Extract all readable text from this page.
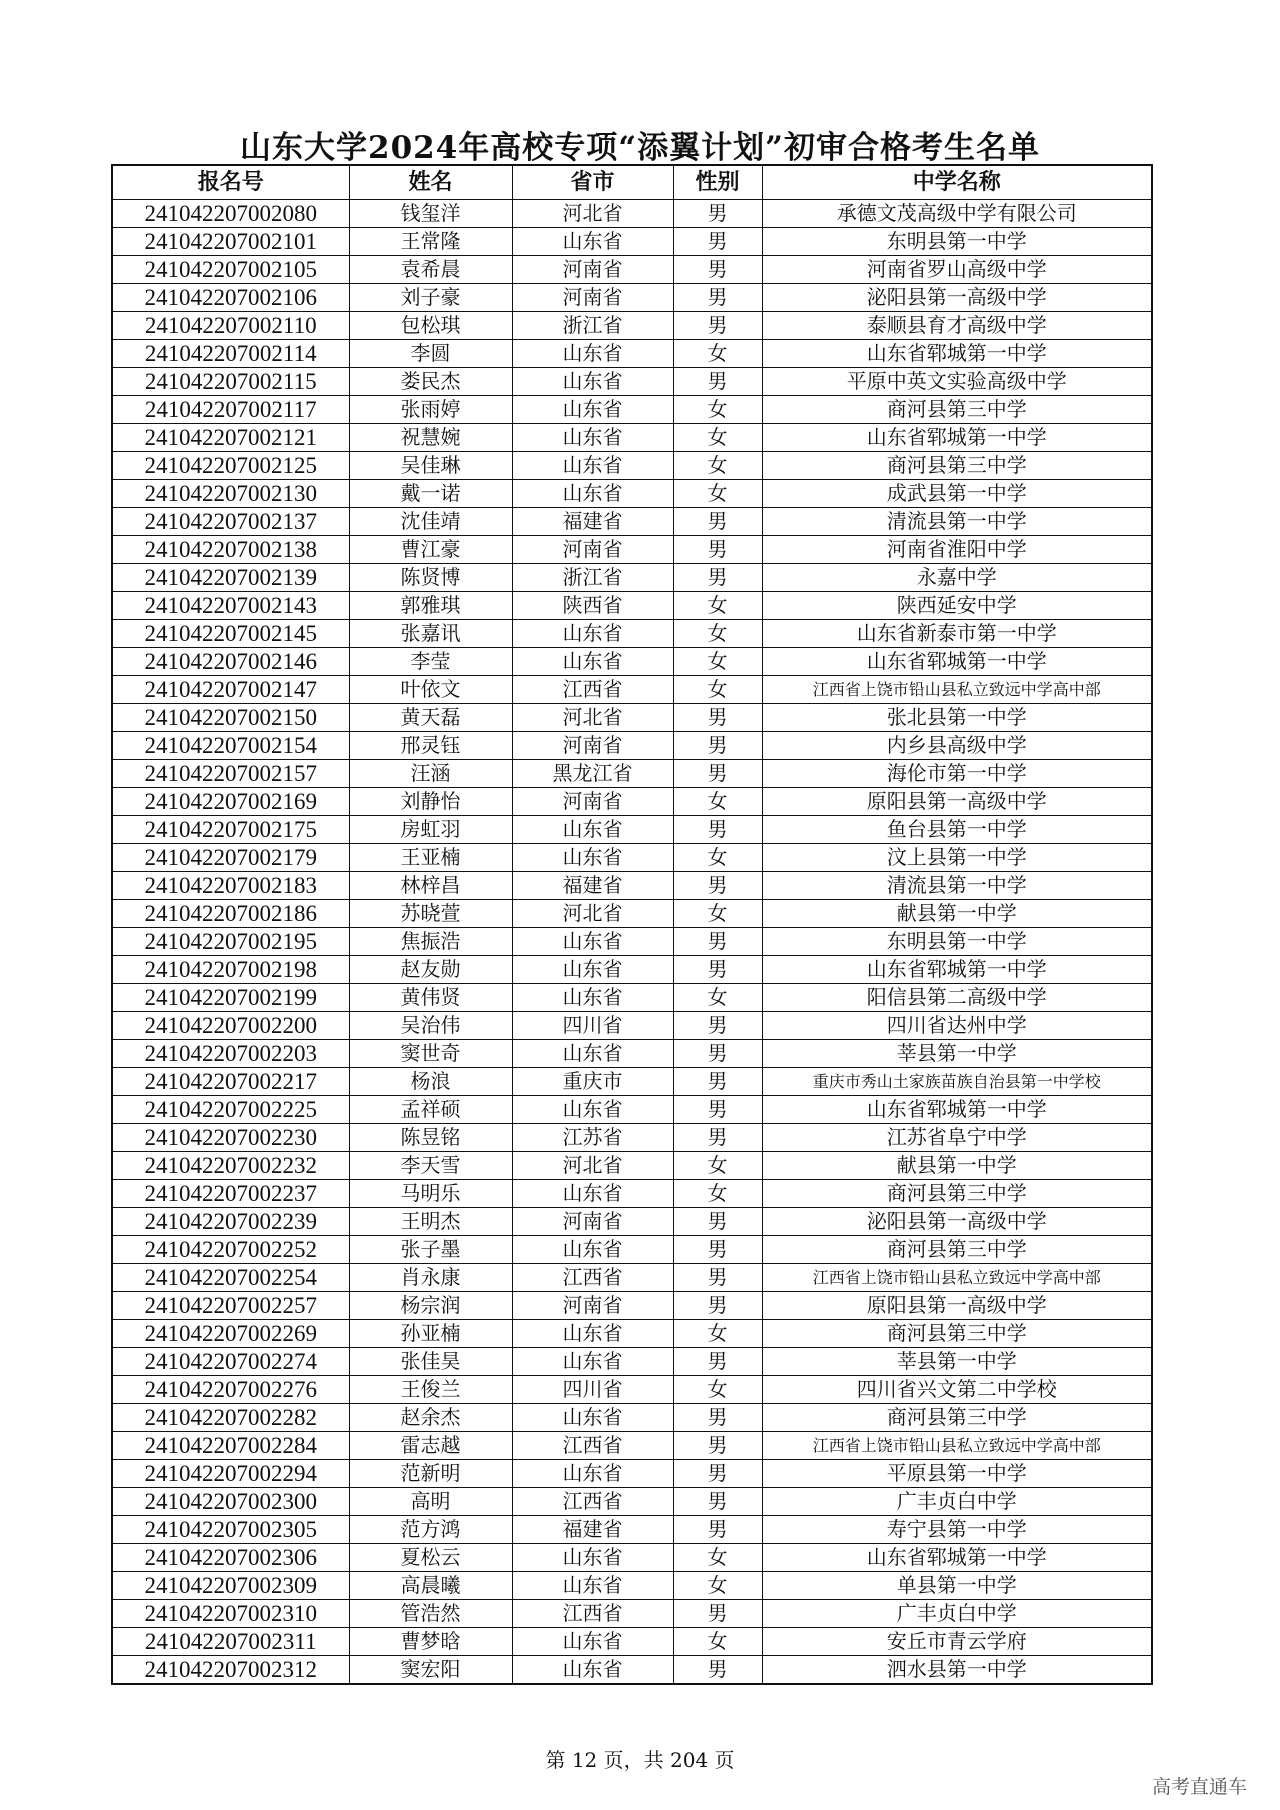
山东大学2024年高校专项“添翼计划”初审合格考生名单
报名号	姓名	省市	性别	中学名称
241042207002080	钱玺洋	河北省	男	承德文茂高级中学有限公司
241042207002101	王常隆	山东省	男	东明县第一中学
241042207002105	袁希晨	河南省	男	河南省罗山高级中学
241042207002106	刘子豪	河南省	男	泌阳县第一高级中学
241042207002110	包松琪	浙江省	男	泰顺县育才高级中学
241042207002114	李圆	山东省	女	山东省郓城第一中学
241042207002115	娄民杰	山东省	男	平原中英文实验高级中学
241042207002117	张雨婷	山东省	女	商河县第三中学
241042207002121	祝慧婉	山东省	女	山东省郓城第一中学
241042207002125	吴佳琳	山东省	女	商河县第三中学
241042207002130	戴一诺	山东省	女	成武县第一中学
241042207002137	沈佳靖	福建省	男	清流县第一中学
241042207002138	曹江豪	河南省	男	河南省淮阳中学
241042207002139	陈贤博	浙江省	男	永嘉中学
241042207002143	郭雅琪	陕西省	女	陕西延安中学
241042207002145	张嘉讯	山东省	女	山东省新泰市第一中学
241042207002146	李莹	山东省	女	山东省郓城第一中学
241042207002147	叶依文	江西省	女	江西省上饶市铅山县私立致远中学高中部
241042207002150	黄天磊	河北省	男	张北县第一中学
241042207002154	邢灵钰	河南省	男	内乡县高级中学
241042207002157	汪涵	黑龙江省	男	海伦市第一中学
241042207002169	刘静怡	河南省	女	原阳县第一高级中学
241042207002175	房虹羽	山东省	男	鱼台县第一中学
241042207002179	王亚楠	山东省	女	汶上县第一中学
241042207002183	林梓昌	福建省	男	清流县第一中学
241042207002186	苏晓萱	河北省	女	献县第一中学
241042207002195	焦振浩	山东省	男	东明县第一中学
241042207002198	赵友勋	山东省	男	山东省郓城第一中学
241042207002199	黄伟贤	山东省	女	阳信县第二高级中学
241042207002200	吴治伟	四川省	男	四川省达州中学
241042207002203	窦世奇	山东省	男	莘县第一中学
241042207002217	杨浪	重庆市	男	重庆市秀山土家族苗族自治县第一中学校
241042207002225	孟祥硕	山东省	男	山东省郓城第一中学
241042207002230	陈昱铭	江苏省	男	江苏省阜宁中学
241042207002232	李天雪	河北省	女	献县第一中学
241042207002237	马明乐	山东省	女	商河县第三中学
241042207002239	王明杰	河南省	男	泌阳县第一高级中学
241042207002252	张子墨	山东省	男	商河县第三中学
241042207002254	肖永康	江西省	男	江西省上饶市铅山县私立致远中学高中部
241042207002257	杨宗润	河南省	男	原阳县第一高级中学
241042207002269	孙亚楠	山东省	女	商河县第三中学
241042207002274	张佳昊	山东省	男	莘县第一中学
241042207002276	王俊兰	四川省	女	四川省兴文第二中学校
241042207002282	赵余杰	山东省	男	商河县第三中学
241042207002284	雷志越	江西省	男	江西省上饶市铅山县私立致远中学高中部
241042207002294	范新明	山东省	男	平原县第一中学
241042207002300	高明	江西省	男	广丰贞白中学
241042207002305	范方鸿	福建省	男	寿宁县第一中学
241042207002306	夏松云	山东省	女	山东省郓城第一中学
241042207002309	高晨曦	山东省	女	单县第一中学
241042207002310	管浩然	江西省	男	广丰贞白中学
241042207002311	曹梦晗	山东省	女	安丘市青云学府
241042207002312	窦宏阳	山东省	男	泗水县第一中学
第 12 页，共 204 页
高考直通车
